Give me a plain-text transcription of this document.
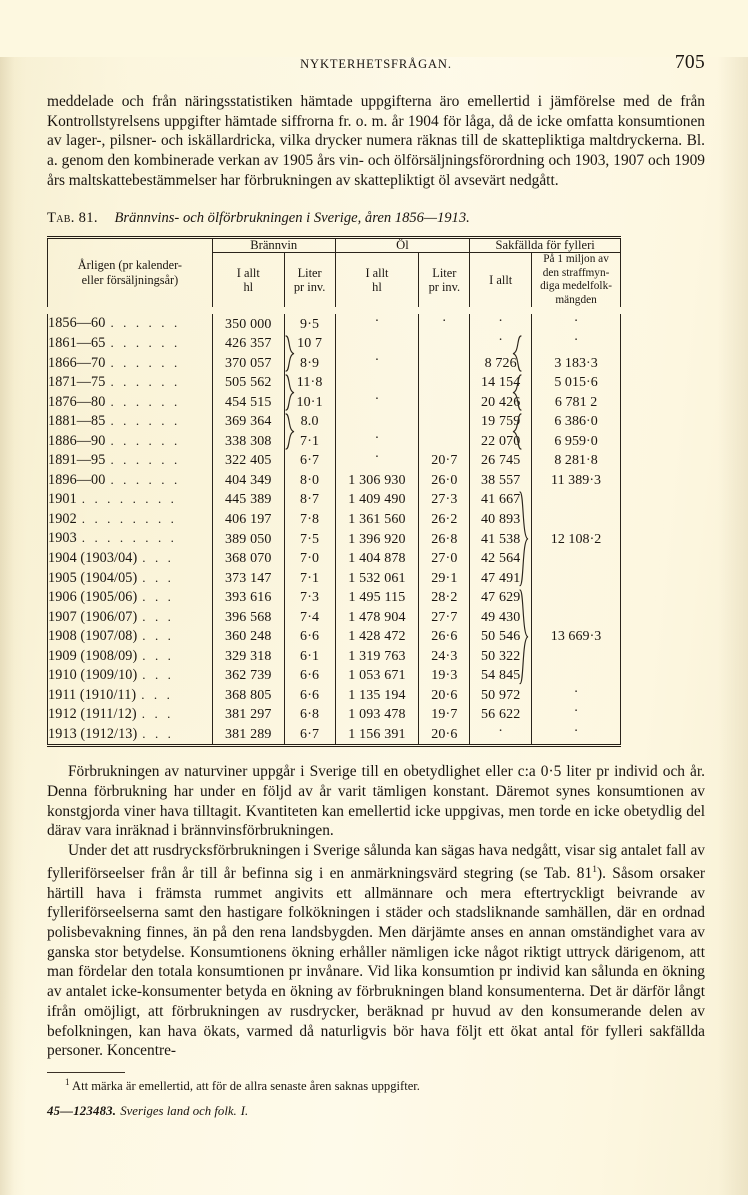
NYKTERHETSFRÅGAN.	705

meddelade och från näringsstatistiken hämtade uppgifterna äro emellertid i jämförelse med de från Kontrollstyrelsens uppgifter hämtade siffrorna fr. o. m. år 1904 för låga, då de icke omfatta konsumtionen av lager-, pilsner- och iskällardricka, vilka drycker numera räknas till de skattepliktiga maltdryckerna. Bl. a. genom den kombinerade verkan av 1905 års vin- och ölförsäljningsförordning och 1903, 1907 och 1909 års maltskattebestämmelser har förbrukningen av skattepliktigt öl avsevärt nedgått.

Tab. 81. Brännvins- och ölförbrukningen i Sverige, åren 1856—1913.
Årligen (pr kalender-
eller försäljningsår)	Brännvin		Öl		Sakfällda för fylleri	
	I allt
hl	Liter
pr inv.	I allt
hl	Liter
pr inv.	I allt	På 1 miljon av
den straffmyn-
diga medelfolk-
mängden

1856—60 . . . . . .	350 000	9·5	·	·	·	·
1861—65 . . . . . .	426 357	10 7			·	·
1866—70 . . . . . .	370 057	8·9	·		8 726	3 183·3
1871—75 . . . . . .	505 562	11·8			14 154	5 015·6
1876—80 . . . . . .	454 515	10·1	·		20 426	6 781 2
1881—85 . . . . . .	369 364	8.0			19 759	6 386·0
1886—90 . . . . . .	338 308	7·1	·		22 070	6 959·0
1891—95 . . . . . .	322 405	6·7	·	20·7	26 745	8 281·8
1896—00 . . . . . .	404 349	8·0	1 306 930	26·0	38 557	11 389·3
1901 . . . . . . . .	445 389	8·7	1 409 490	27·3	41 667	
1902 . . . . . . . .	406 197	7·8	1 361 560	26·2	40 893	
1903 . . . . . . . .	389 050	7·5	1 396 920	26·8	41 538	12 108·2
1904 (1903/04) . . .	368 070	7·0	1 404 878	27·0	42 564	
1905 (1904/05) . . .	373 147	7·1	1 532 061	29·1	47 491	
1906 (1905/06) . . .	393 616	7·3	1 495 115	28·2	47 629	
1907 (1906/07) . . .	396 568	7·4	1 478 904	27·7	49 430	
1908 (1907/08) . . .	360 248	6·6	1 428 472	26·6	50 546	13 669·3
1909 (1908/09) . . .	329 318	6·1	1 319 763	24·3	50 322	
1910 (1909/10) . . .	362 739	6·6	1 053 671	19·3	54 845	
1911 (1910/11) . . .	368 805	6·6	1 135 194	20·6	50 972	·
1912 (1911/12) . . .	381 297	6·8	1 093 478	19·7	56 622	·
1913 (1912/13) . . .	381 289	6·7	1 156 391	20·6	·	·

Förbrukningen av naturviner uppgår i Sverige till en obetydlighet eller c:a 0·5 liter pr individ och år. Denna förbrukning har under en följd av år varit tämligen konstant. Däremot synes konsumtionen av konstgjorda viner hava tilltagit. Kvantiteten kan emellertid icke uppgivas, men torde en icke obetydlig del därav vara inräknad i brännvinsförbrukningen.

Under det att rusdrycksförbrukningen i Sverige sålunda kan sägas hava nedgått, visar sig antalet fall av fylleriförseelser från år till år befinna sig i en anmärkningsvärd stegring (se Tab. 81$^1$). Såsom orsaker härtill hava i främsta rummet angivits ett allmännare och mera eftertryckligt beivrande av fylleriförseelserna samt den hastigare folkökningen i städer och stadsliknande samhällen, där en ordnad polisbevakning finnes, än på den rena landsbygden. Men därjämte anses en annan omständighet vara av ganska stor betydelse. Konsumtionens ökning erhåller nämligen icke något riktigt uttryck därigenom, att man fördelar den totala konsumtionen pr invånare. Vid lika konsumtion pr individ kan sålunda en ökning av antalet icke-konsumenter betyda en ökning av förbrukningen bland konsumenterna. Det är därför långt ifrån omöjligt, att förbrukningen av rusdrycker, beräknad pr huvud av den konsumerande delen av befolkningen, kan hava ökats, varmed då naturligvis bör hava följt ett ökat antal för fylleri sakfällda personer. Koncentre-

$^1$ Att märka är emellertid, att för de allra senaste åren saknas uppgifter.

45—123483. Sveriges land och folk. I.
